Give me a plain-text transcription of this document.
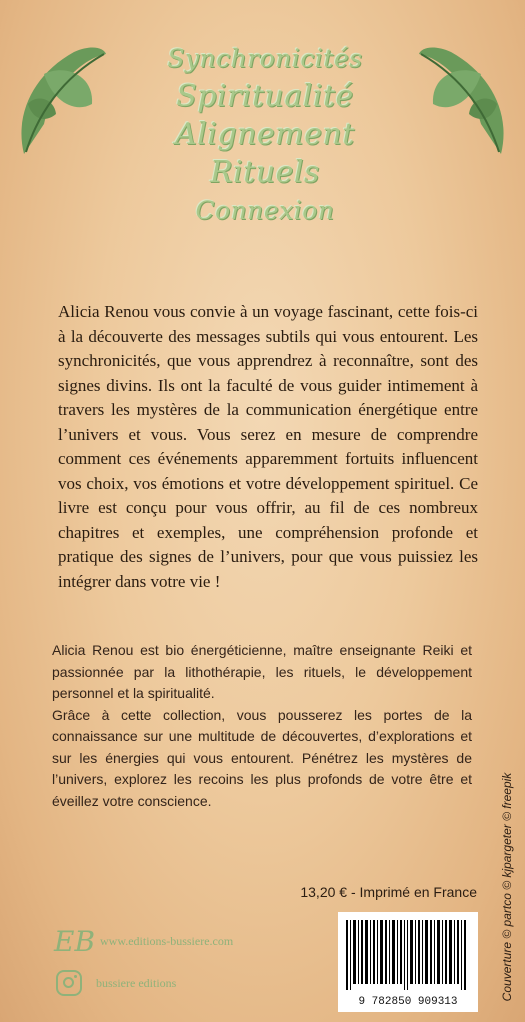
Synchronicités
Spiritualité
Alignement
Rituels
Connexion

Alicia Renou vous convie à un voyage fascinant, cette fois-ci à la découverte des messages subtils qui vous entourent. Les synchronicités, que vous apprendrez à reconnaître, sont des signes divins. Ils ont la faculté de vous guider intimement à travers les mystères de la communication énergétique entre l’univers et vous. Vous serez en mesure de comprendre comment ces événements apparemment fortuits influencent vos choix, vos émotions et votre développement spirituel. Ce livre est conçu pour vous offrir, au fil de ces nombreux chapitres et exemples, une compréhension profonde et pratique des signes de l’univers, pour que vous puissiez les intégrer dans votre vie !

Alicia Renou est bio énergéticienne, maître enseignante Reiki et passionnée par la lithothérapie, les rituels, le développement personnel et la spiritualité.

Grâce à cette collection, vous pousserez les portes de la connaissance sur une multitude de découvertes, d’explorations et sur les énergies qui vous entourent. Pénétrez les mystères de l’univers, explorez les recoins les plus profonds de votre être et éveillez votre conscience.

13,20 € - Imprimé en France
EB www.editions-bussiere.com
bussiere editions
9 782850 909313
Couverture © partco © kjpargeter © freepik
